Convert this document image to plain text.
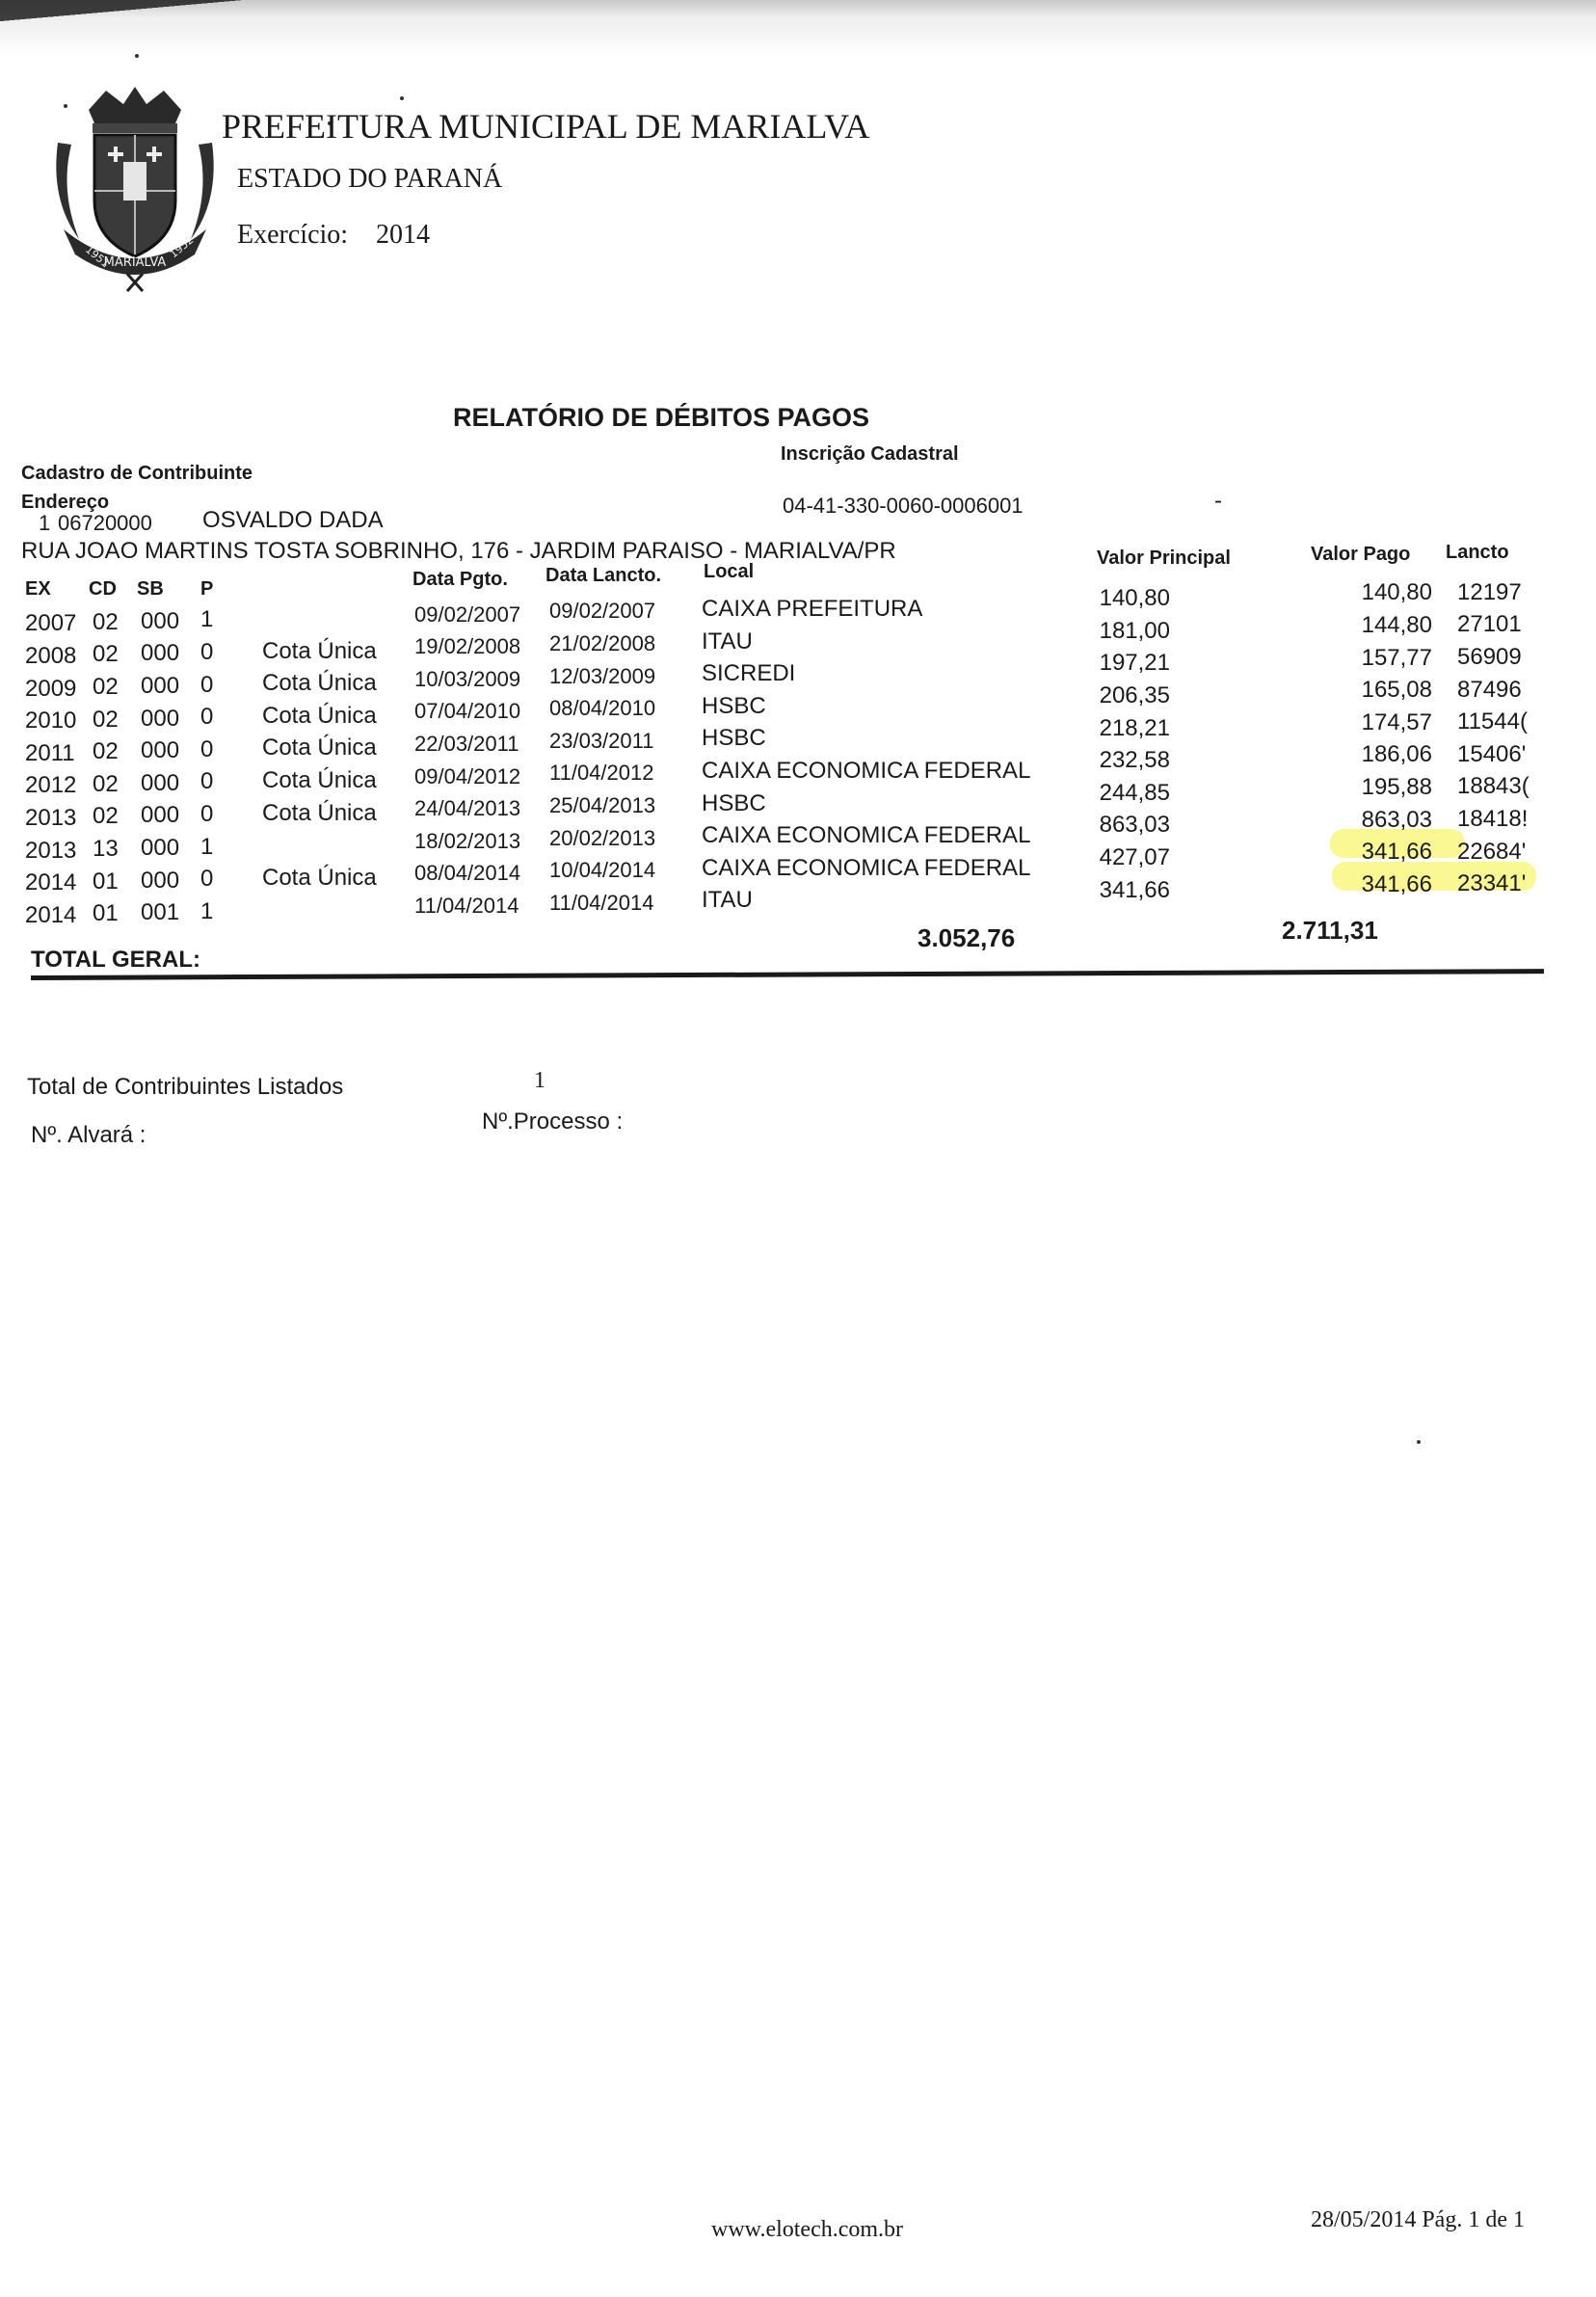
MARIALVA
1951	1952
PREFEITURA MUNICIPAL DE MARIALVA
ESTADO DO PARANÁ
Exercício: 2014
RELATÓRIO DE DÉBITOS PAGOS
Cadastro de Contribuinte
Inscrição Cadastral
Endereço
1 06720000 OSVALDO DADA
04-41-330-0060-0006001	-
RUA JOAO MARTINS TOSTA SOBRINHO, 176 - JARDIM PARAISO - MARIALVA/PR
EX CD SB P	Data Pgto. Data Lancto. Local
Valor Principal	Valor Pago Lancto
2007 02 000 1	09/02/2007 09/02/2007 CAIXA PREFEITURA	140,80	140,80 12197
2008 02 000 0 Cota Única 19/02/2008 21/02/2008 ITAU	181,00	144,80 27101
2009 02 000 0 Cota Única 10/03/2009 12/03/2009 SICREDI	197,21	157,77 56909
2010 02 000 0 Cota Única 07/04/2010 08/04/2010 HSBC	206,35	165,08 87496
2011 02 000 0 Cota Única 22/03/2011 23/03/2011 HSBC	218,21	174,57 11544(
2012 02 000 0 Cota Única 09/04/2012 11/04/2012 CAIXA ECONOMICA FEDERAL	232,58	186,06 15406'
2013 02 000 0 Cota Única 24/04/2013 25/04/2013 HSBC	244,85	195,88 18843(
2013 13 000 1	18/02/2013 20/02/2013 CAIXA ECONOMICA FEDERAL	863,03	863,03 18418!
2014 01 000 0 Cota Única 08/04/2014 10/04/2014 CAIXA ECONOMICA FEDERAL	427,07	341,66 22684'
2014 01 001 1	11/04/2014 11/04/2014 ITAU	341,66	341,66 23341'
TOTAL GERAL:
3.052,76	2.711,31
Total de Contribuintes Listados	1
Nº. Alvará :
Nº.Processo :
www.elotech.com.br	28/05/2014 Pág. 1 de 1
